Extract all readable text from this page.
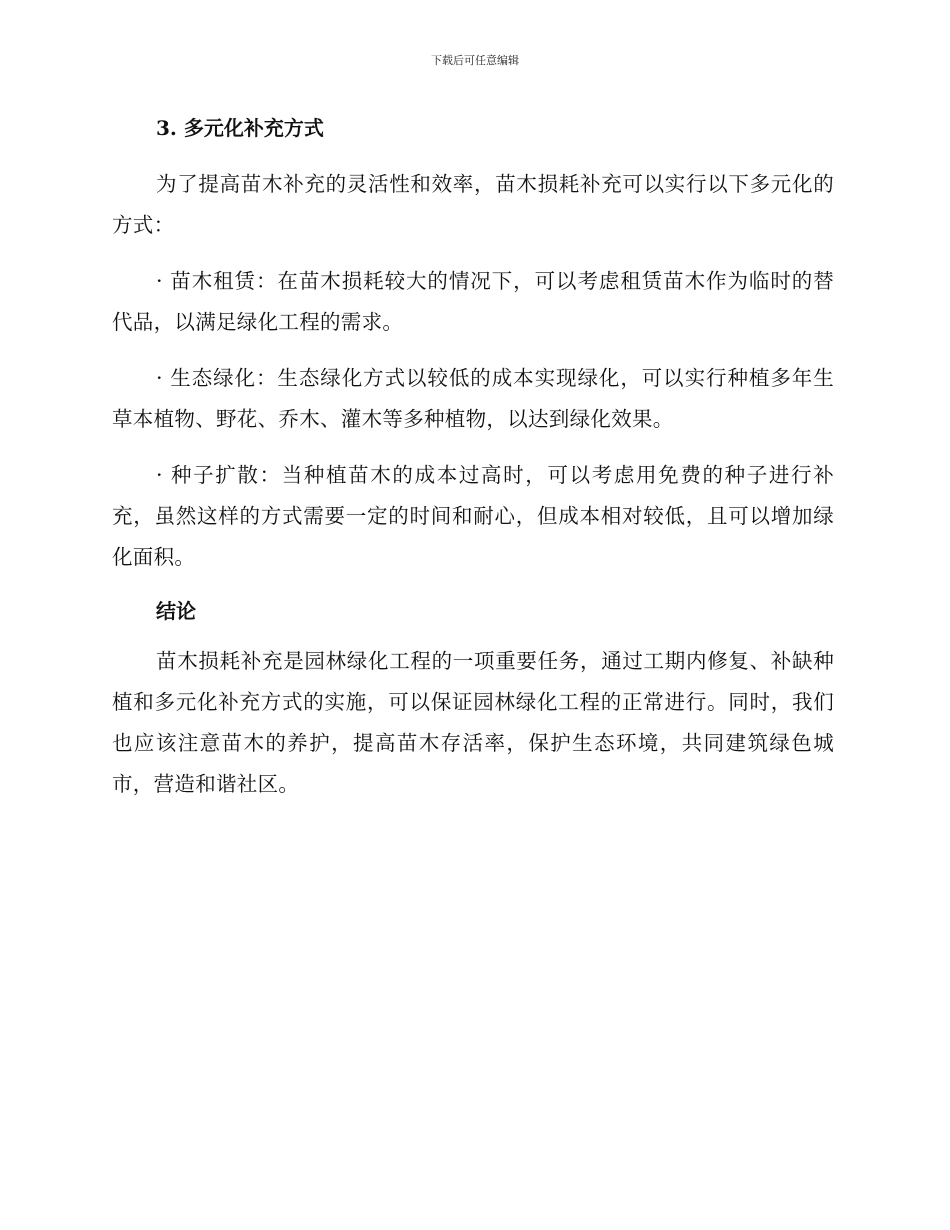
下载后可任意编辑
3. 多元化补充方式

为了提高苗木补充的灵活性和效率，苗木损耗补充可以实行以下多元化的方式：

· 苗木租赁：在苗木损耗较大的情况下，可以考虑租赁苗木作为临时的替代品，以满足绿化工程的需求。

· 生态绿化：生态绿化方式以较低的成本实现绿化，可以实行种植多年生草本植物、野花、乔木、灌木等多种植物，以达到绿化效果。

· 种子扩散：当种植苗木的成本过高时，可以考虑用免费的种子进行补充，虽然这样的方式需要一定的时间和耐心，但成本相对较低，且可以增加绿化面积。

结论

苗木损耗补充是园林绿化工程的一项重要任务，通过工期内修复、补缺种植和多元化补充方式的实施，可以保证园林绿化工程的正常进行。同时，我们也应该注意苗木的养护，提高苗木存活率，保护生态环境，共同建筑绿色城市，营造和谐社区。
